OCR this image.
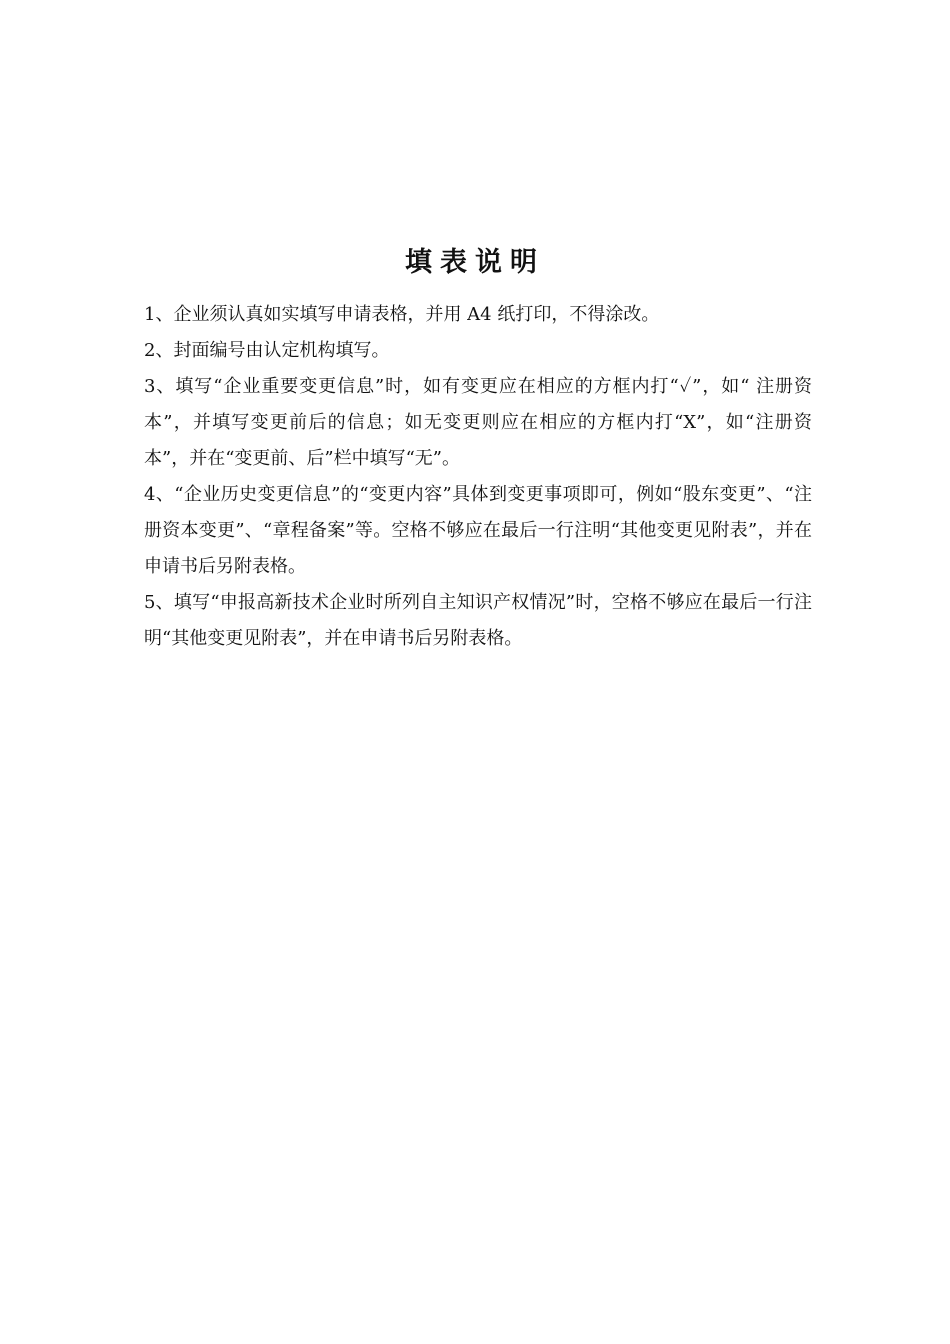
填表说明
1、企业须认真如实填写申请表格，并用 A4 纸打印，不得涂改。
2、封面编号由认定机构填写。
3、填写“企业重要变更信息”时，如有变更应在相应的方框内打“✓”，如“ 注册资本”，并填写变更前后的信息；如无变更则应在相应的方框内打“X”，如“注册资本”，并在“变更前、后”栏中填写“无”。
4、“企业历史变更信息”的“变更内容”具体到变更事项即可，例如“股东变更”、“注册资本变更”、“章程备案”等。空格不够应在最后一行注明“其他变更见附表”，并在申请书后另附表格。
5、填写“申报高新技术企业时所列自主知识产权情况”时，空格不够应在最后一行注明“其他变更见附表”，并在申请书后另附表格。
